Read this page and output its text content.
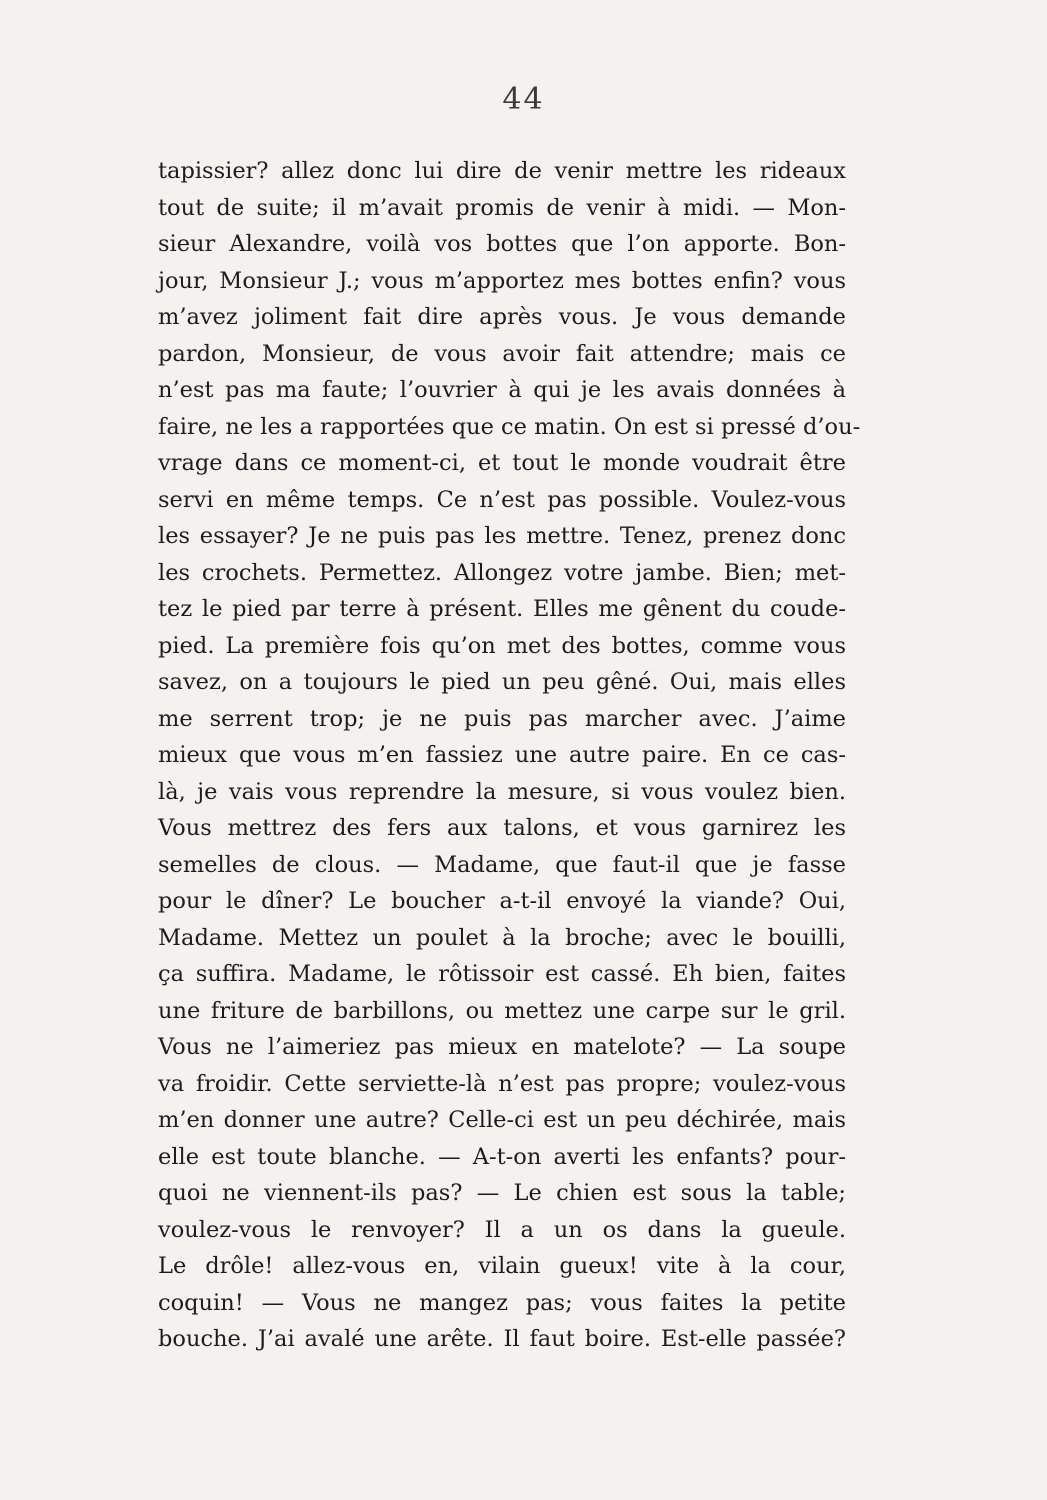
44
tapissier? allez donc lui dire de venir mettre les rideaux
tout de suite; il m’avait promis de venir à midi. — Mon-
sieur Alexandre, voilà vos bottes que l’on apporte. Bon-
jour, Monsieur J.; vous m’apportez mes bottes enfin? vous
m’avez joliment fait dire après vous. Je vous demande
pardon, Monsieur, de vous avoir fait attendre; mais ce
n’est pas ma faute; l’ouvrier à qui je les avais données à
faire, ne les a rapportées que ce matin. On est si pressé d’ou-
vrage dans ce moment-ci, et tout le monde voudrait être
servi en même temps. Ce n’est pas possible. Voulez-vous
les essayer? Je ne puis pas les mettre. Tenez, prenez donc
les crochets. Permettez. Allongez votre jambe. Bien; met-
tez le pied par terre à présent. Elles me gênent du coude-
pied. La première fois qu’on met des bottes, comme vous
savez, on a toujours le pied un peu gêné. Oui, mais elles
me serrent trop; je ne puis pas marcher avec. J’aime
mieux que vous m’en fassiez une autre paire. En ce cas-
là, je vais vous reprendre la mesure, si vous voulez bien.
Vous mettrez des fers aux talons, et vous garnirez les
semelles de clous. — Madame, que faut-il que je fasse
pour le dîner? Le boucher a-t-il envoyé la viande? Oui,
Madame. Mettez un poulet à la broche; avec le bouilli,
ça suffira. Madame, le rôtissoir est cassé. Eh bien, faites
une friture de barbillons, ou mettez une carpe sur le gril.
Vous ne l’aimeriez pas mieux en matelote? — La soupe
va froidir. Cette serviette-là n’est pas propre; voulez-vous
m’en donner une autre? Celle-ci est un peu déchirée, mais
elle est toute blanche. — A-t-on averti les enfants? pour-
quoi ne viennent-ils pas? — Le chien est sous la table;
voulez-vous le renvoyer? Il a un os dans la gueule.
Le drôle! allez-vous en, vilain gueux! vite à la cour,
coquin! — Vous ne mangez pas; vous faites la petite
bouche. J’ai avalé une arête. Il faut boire. Est-elle passée?
